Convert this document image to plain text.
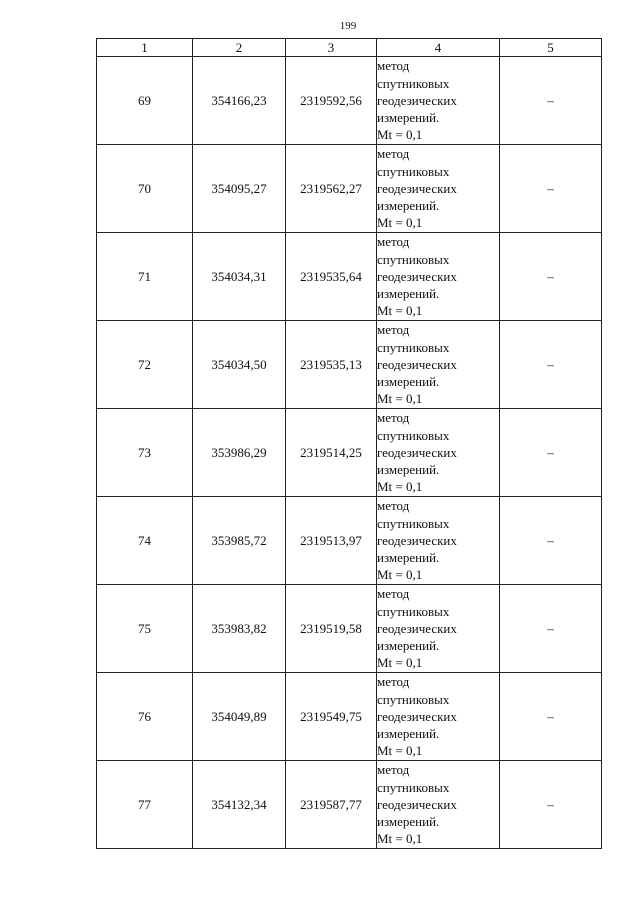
199
1	2	3	4	5
69	354166,23	2319592,56	метод
спутниковых
геодезических
измерений.
Mt = 0,1	–
70	354095,27	2319562,27	метод
спутниковых
геодезических
измерений.
Mt = 0,1	–
71	354034,31	2319535,64	метод
спутниковых
геодезических
измерений.
Mt = 0,1	–
72	354034,50	2319535,13	метод
спутниковых
геодезических
измерений.
Mt = 0,1	–
73	353986,29	2319514,25	метод
спутниковых
геодезических
измерений.
Mt = 0,1	–
74	353985,72	2319513,97	метод
спутниковых
геодезических
измерений.
Mt = 0,1	–
75	353983,82	2319519,58	метод
спутниковых
геодезических
измерений.
Mt = 0,1	–
76	354049,89	2319549,75	метод
спутниковых
геодезических
измерений.
Mt = 0,1	–
77	354132,34	2319587,77	метод
спутниковых
геодезических
измерений.
Mt = 0,1	–
